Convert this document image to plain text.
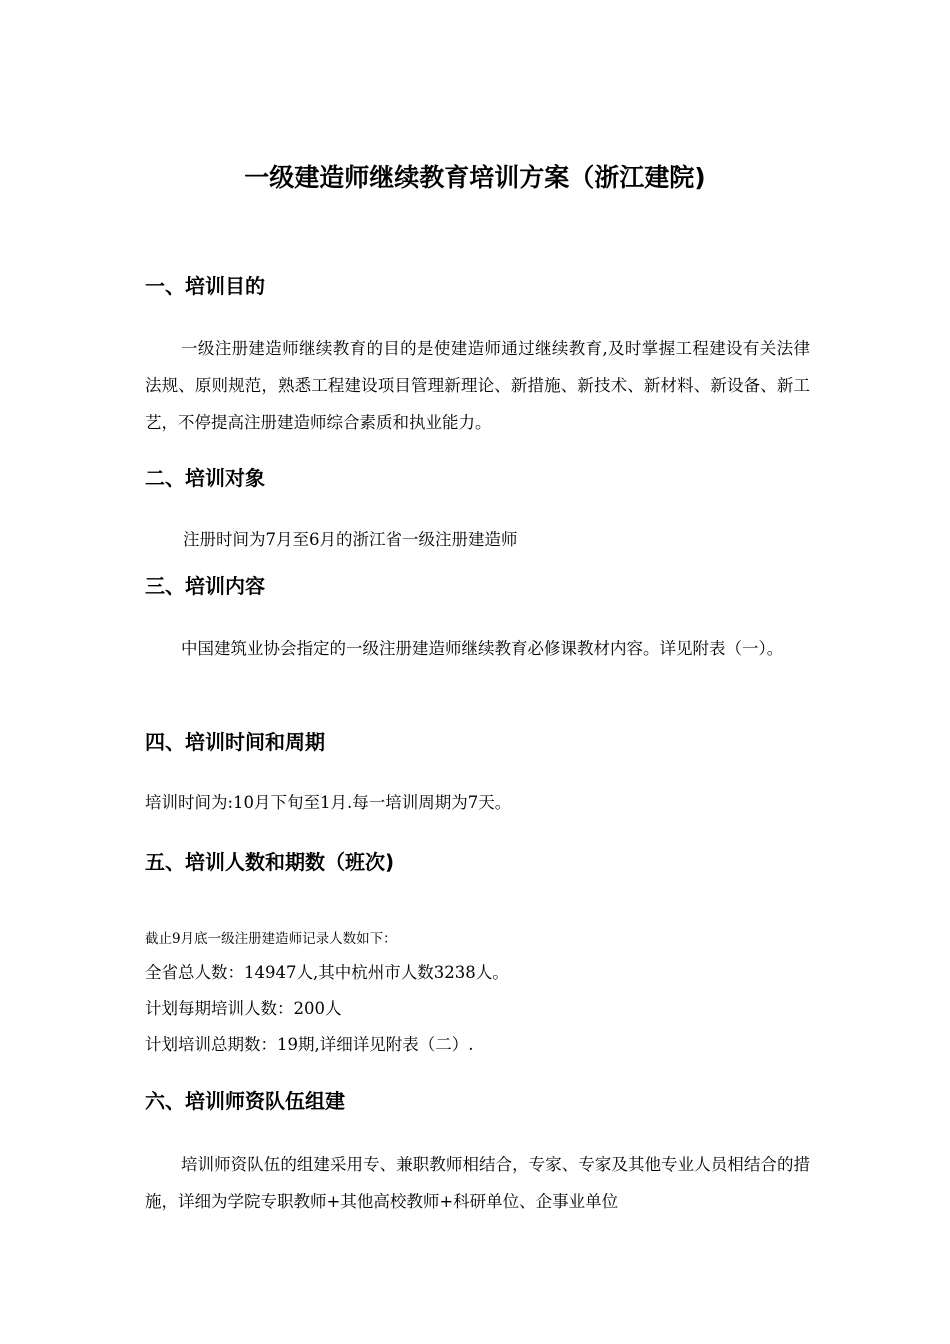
一级建造师继续教育培训方案（浙江建院)
一、培训目的
一级注册建造师继续教育的目的是使建造师通过继续教育,及时掌握工程建设有关法律法规、原则规范，熟悉工程建设项目管理新理论、新措施、新技术、新材料、新设备、新工艺，不停提高注册建造师综合素质和执业能力。
二、培训对象
注册时间为7月至6月的浙江省一级注册建造师
三、培训内容
中国建筑业协会指定的一级注册建造师继续教育必修课教材内容。详见附表（一）。
四、培训时间和周期
培训时间为:10月下旬至1月.每一培训周期为7天。
五、培训人数和期数（班次)
截止9月底一级注册建造师记录人数如下：
全省总人数：14947人,其中杭州市人数3238人。
计划每期培训人数：200人
计划培训总期数：19期,详细详见附表（二）.
六、培训师资队伍组建
培训师资队伍的组建采用专、兼职教师相结合，专家、专家及其他专业人员相结合的措施，详细为学院专职教师+其他高校教师+科研单位、企事业单位
